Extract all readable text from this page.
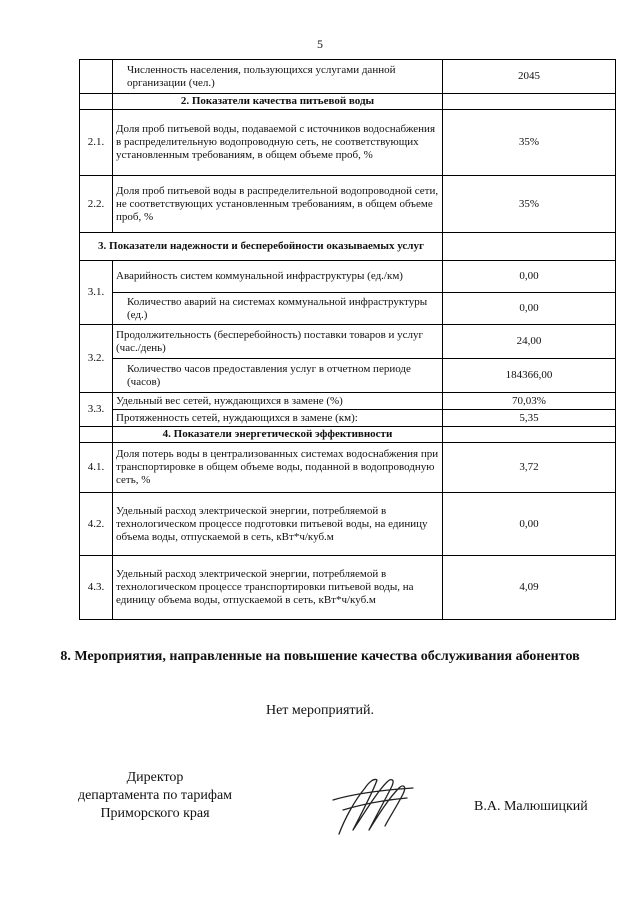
5
	Численность населения, пользующихся услугами данной организации (чел.)	2045
	2. Показатели качества питьевой воды	
2.1.	Доля проб питьевой воды, подаваемой с источников водоснабжения в распределительную водопроводную сеть, не соответствующих установленным требованиям, в общем объеме проб, %	35%
2.2.	Доля проб питьевой воды в распределительной водопроводной сети, не соответствующих установленным требованиям, в общем объеме проб, %	35%
3. Показатели надежности и бесперебойности оказываемых услуг		
3.1.	Аварийность систем коммунальной инфраструктуры (ед./км)	0,00
	Количество аварий на системах коммунальной инфраструктуры (ед.)	0,00
3.2.	Продолжительность (бесперебойность) поставки товаров и услуг (час./день)	24,00
	Количество часов предоставления услуг в отчетном периоде (часов)	184366,00
3.3.	Удельный вес сетей, нуждающихся в замене (%)	70,03%
	Протяженность сетей, нуждающихся в замене (км):	5,35
	4. Показатели энергетической эффективности	
4.1.	Доля потерь воды в централизованных системах водоснабжения при транспортировке в общем объеме воды, поданной в водопроводную сеть, %	3,72
4.2.	Удельный расход электрической энергии, потребляемой в технологическом процессе подготовки питьевой воды, на единицу объема воды, отпускаемой в сеть, кВт*ч/куб.м	0,00
4.3.	Удельный расход электрической энергии, потребляемой в технологическом процессе транспортировки питьевой воды, на единицу объема воды, отпускаемой в сеть, кВт*ч/куб.м	4,09
8. Мероприятия, направленные на повышение качества обслуживания абонентов
Нет мероприятий.
Директор
департамента по тарифам
Приморского края	В.А. Малюшицкий
